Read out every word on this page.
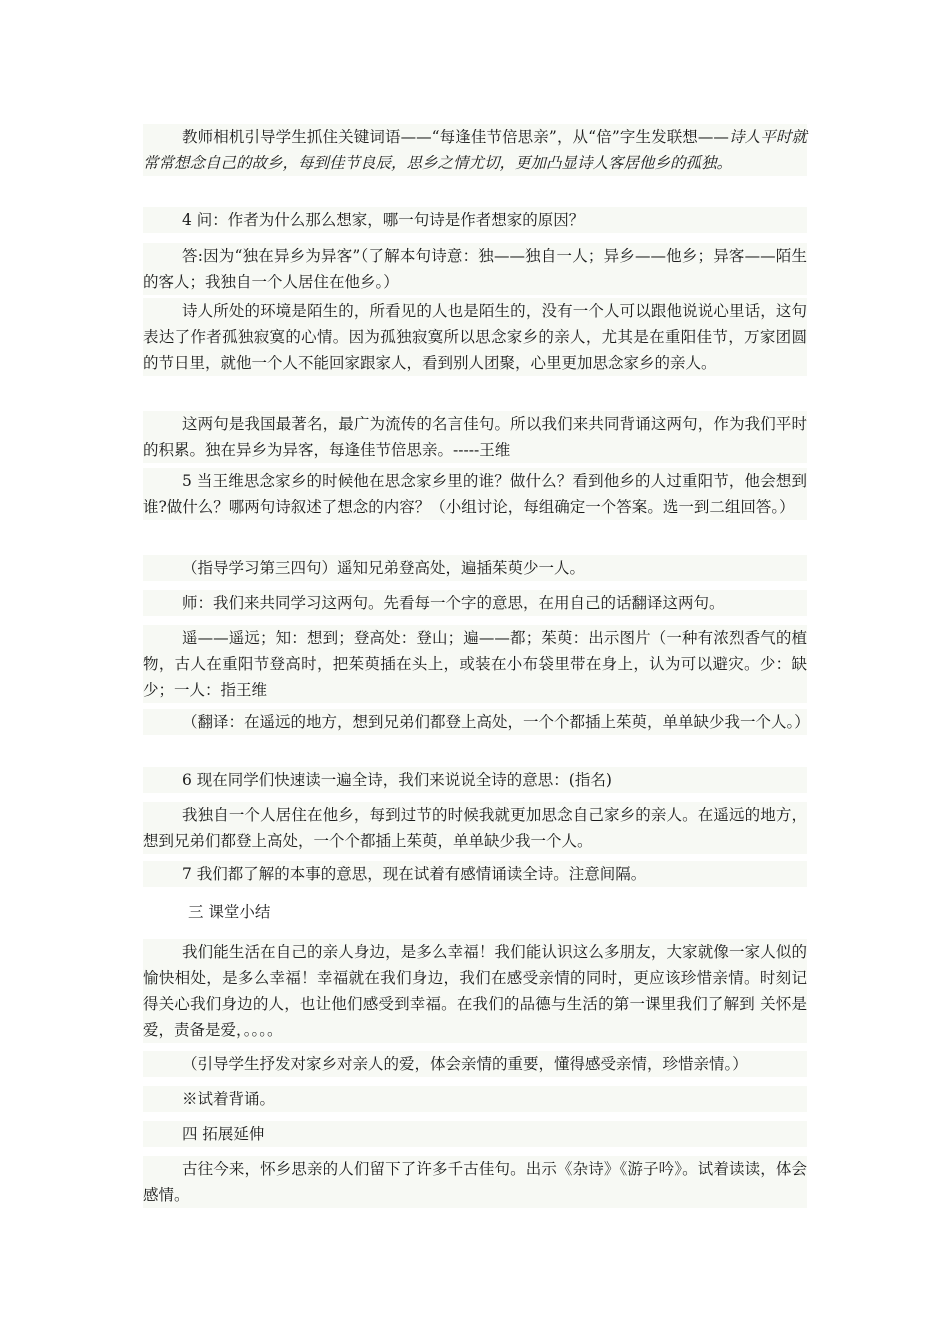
教师相机引导学生抓住关键词语——“每逢佳节倍思亲”，从“倍”字生发联想——诗人平时就常常想念自己的故乡，每到佳节良辰，思乡之情尤切，更加凸显诗人客居他乡的孤独。

4 问：作者为什么那么想家，哪一句诗是作者想家的原因？

答:因为“独在异乡为异客”（了解本句诗意：独——独自一人；异乡——他乡；异客——陌生的客人；我独自一个人居住在他乡。）

诗人所处的环境是陌生的，所看见的人也是陌生的，没有一个人可以跟他说说心里话，这句表达了作者孤独寂寞的心情。因为孤独寂寞所以思念家乡的亲人，尤其是在重阳佳节，万家团圆的节日里，就他一个人不能回家跟家人，看到别人团聚，心里更加思念家乡的亲人。

这两句是我国最著名，最广为流传的名言佳句。所以我们来共同背诵这两句，作为我们平时的积累。独在异乡为异客，每逢佳节倍思亲。-----王维

5 当王维思念家乡的时候他在思念家乡里的谁？做什么？看到他乡的人过重阳节，他会想到谁?做什么？哪两句诗叙述了想念的内容？（小组讨论，每组确定一个答案。选一到二组回答。）

（指导学习第三四句）遥知兄弟登高处，遍插茱萸少一人。

师：我们来共同学习这两句。先看每一个字的意思，在用自己的话翻译这两句。

遥——遥远；知：想到；登高处：登山；遍——都；茱萸：出示图片（一种有浓烈香气的植物，古人在重阳节登高时，把茱萸插在头上，或装在小布袋里带在身上，认为可以避灾。少：缺少；一人：指王维

（翻译：在遥远的地方，想到兄弟们都登上高处，一个个都插上茱萸，单单缺少我一个人。）

6 现在同学们快速读一遍全诗，我们来说说全诗的意思：(指名)

我独自一个人居住在他乡，每到过节的时候我就更加思念自己家乡的亲人。在遥远的地方，想到兄弟们都登上高处，一个个都插上茱萸，单单缺少我一个人。

7 我们都了解的本事的意思，现在试着有感情诵读全诗。注意间隔。

三 课堂小结

我们能生活在自己的亲人身边，是多么幸福！我们能认识这么多朋友，大家就像一家人似的愉快相处，是多么幸福！幸福就在我们身边，我们在感受亲情的同时，更应该珍惜亲情。时刻记得关心我们身边的人，也让他们感受到幸福。在我们的品德与生活的第一课里我们了解到 关怀是爱，责备是爱，。。。。

（引导学生抒发对家乡对亲人的爱，体会亲情的重要，懂得感受亲情，珍惜亲情。）

※试着背诵。

四 拓展延伸

古往今来，怀乡思亲的人们留下了许多千古佳句。出示《杂诗》《游子吟》。试着读读，体会感情。
